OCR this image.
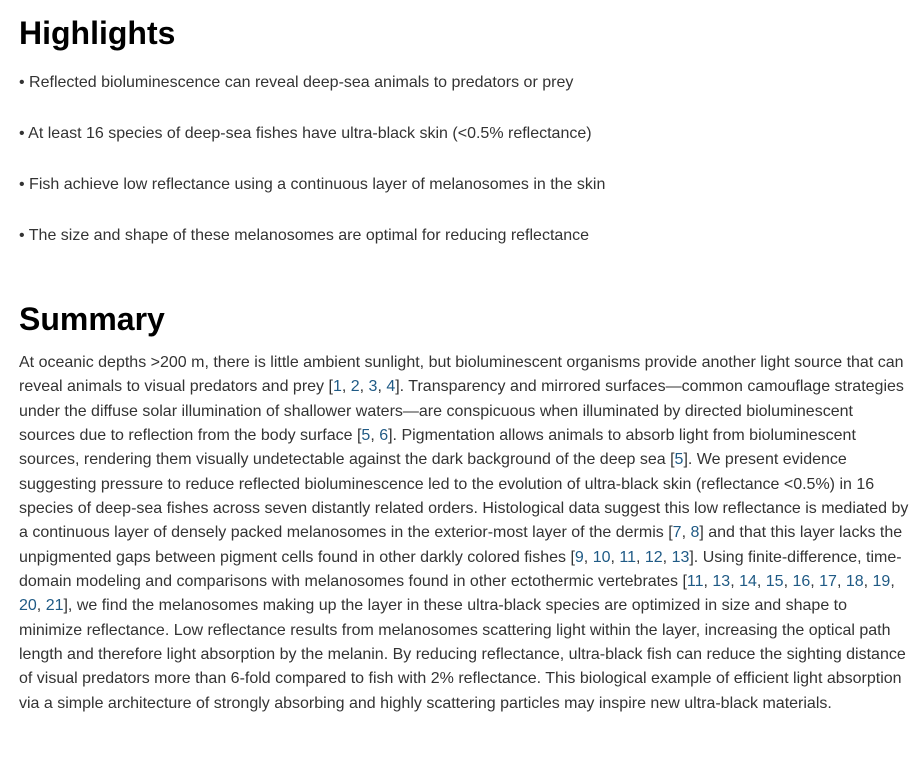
Highlights
• Reflected bioluminescence can reveal deep-sea animals to predators or prey
• At least 16 species of deep-sea fishes have ultra-black skin (<0.5% reflectance)
• Fish achieve low reflectance using a continuous layer of melanosomes in the skin
• The size and shape of these melanosomes are optimal for reducing reflectance
Summary

At oceanic depths >200 m, there is little ambient sunlight, but bioluminescent organisms provide another light source that can reveal animals to visual predators and prey [1, 2, 3, 4]. Transparency and mirrored surfaces—common camouflage strategies under the diffuse solar illumination of shallower waters—are conspicuous when illuminated by directed bioluminescent sources due to reflection from the body surface [5, 6]. Pigmentation allows animals to absorb light from bioluminescent sources, rendering them visually undetectable against the dark background of the deep sea [5]. We present evidence suggesting pressure to reduce reflected bioluminescence led to the evolution of ultra-black skin (reflectance <0.5%) in 16 species of deep-sea fishes across seven distantly related orders. Histological data suggest this low reflectance is mediated by a continuous layer of densely packed melanosomes in the exterior-most layer of the dermis [7, 8] and that this layer lacks the unpigmented gaps between pigment cells found in other darkly colored fishes [9, 10, 11, 12, 13]. Using finite-difference, time-domain modeling and comparisons with melanosomes found in other ectothermic vertebrates [11, 13, 14, 15, 16, 17, 18, 19, 20, 21], we find the melanosomes making up the layer in these ultra-black species are optimized in size and shape to minimize reflectance. Low reflectance results from melanosomes scattering light within the layer, increasing the optical path length and therefore light absorption by the melanin. By reducing reflectance, ultra-black fish can reduce the sighting distance of visual predators more than 6-fold compared to fish with 2% reflectance. This biological example of efficient light absorption via a simple architecture of strongly absorbing and highly scattering particles may inspire new ultra-black materials.
